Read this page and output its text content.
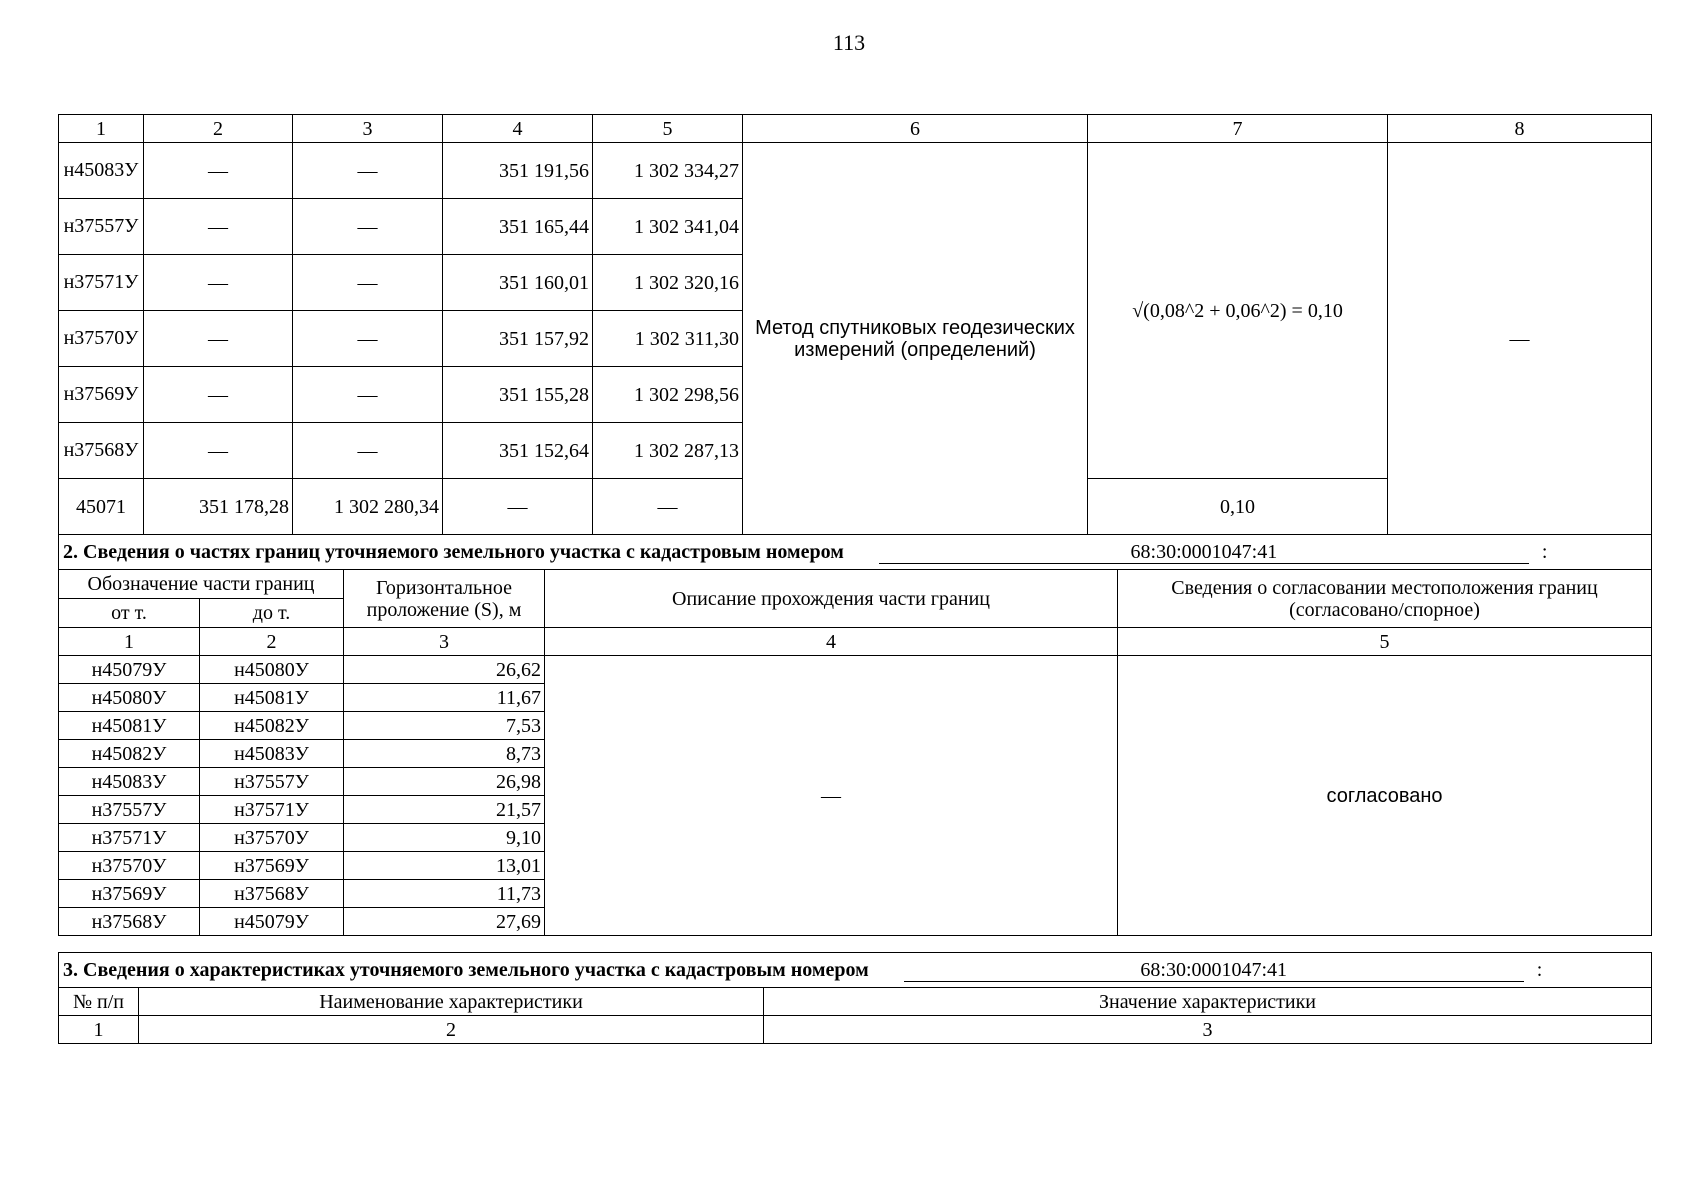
113
1	2	3	4	5	6	7	8
н45083У	—	—	351 191,56	1 302 334,27	Метод спутниковых геодезических измерений (определений)	√(0,08^2 + 0,06^2) = 0,10	—
н37557У	—	—	351 165,44	1 302 341,04			
н37571У	—	—	351 160,01	1 302 320,16			
н37570У	—	—	351 157,92	1 302 311,30			
н37569У	—	—	351 155,28	1 302 298,56			
н37568У	—	—	351 152,64	1 302 287,13			
45071	351 178,28	1 302 280,34	—	—		0,10	
2. Сведения о частях границ уточняемого земельного участка с кадастровым номером 68:30:0001047:41 :				
Обозначение части границ		Горизонтальное проложение (S), м	Описание прохождения части границ	Сведения о согласовании местоположения границ (согласовано/спорное)
от т.	до т.			
1	2	3	4	5
н45079У	н45080У	26,62	—	согласовано
н45080У	н45081У	11,67		
н45081У	н45082У	7,53		
н45082У	н45083У	8,73		
н45083У	н37557У	26,98		
н37557У	н37571У	21,57		
н37571У	н37570У	9,10		
н37570У	н37569У	13,01		
н37569У	н37568У	11,73		
н37568У	н45079У	27,69		
3. Сведения о характеристиках уточняемого земельного участка с кадастровым номером 68:30:0001047:41 :		
№ п/п	Наименование характеристики	Значение характеристики
1	2	3
